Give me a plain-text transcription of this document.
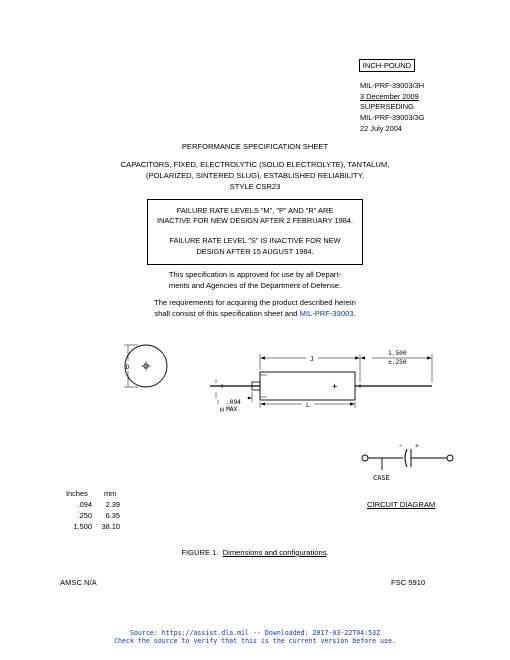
INCH-POUND
MIL-PRF-39003/3H
3 December 2009
SUPERSEDING
MIL-PRF-39003/3G
22 July 2004
PERFORMANCE SPECIFICATION SHEET
CAPACITORS, FIXED, ELECTROLYTIC (SOLID ELECTROLYTE), TANTALUM,
(POLARIZED, SINTERED SLUG), ESTABLISHED RELIABILITY,
STYLE CSR23
FAILURE RATE LEVELS "M", "P" AND "R" ARE
INACTIVE FOR NEW DESIGN AFTER 2 FEBRUARY 1984.
FAILURE RATE LEVEL "S" IS INACTIVE FOR NEW
DESIGN AFTER 15 AUGUST 1984.
This specification is approved for use by all Depart-
ments and Agencies of the Department of Defense.
The requirements for acquiring the product described herein
shall consist of this specification sheet and MIL-PRF-39003.
D
H
+
J
1.500
±.250
L
.094
MAX
- +
CASE
CIRCUIT DIAGRAM
Inches	mm
.094	2.39
.250	6.35
1.500	38.10
FIGURE 1.  Dimensions and configurations.
AMSC N/A	FSC 5910
Source: https://assist.dla.mil -- Downloaded: 2017-03-22T04:53Z
Check the source to verify that this is the current version before use.
